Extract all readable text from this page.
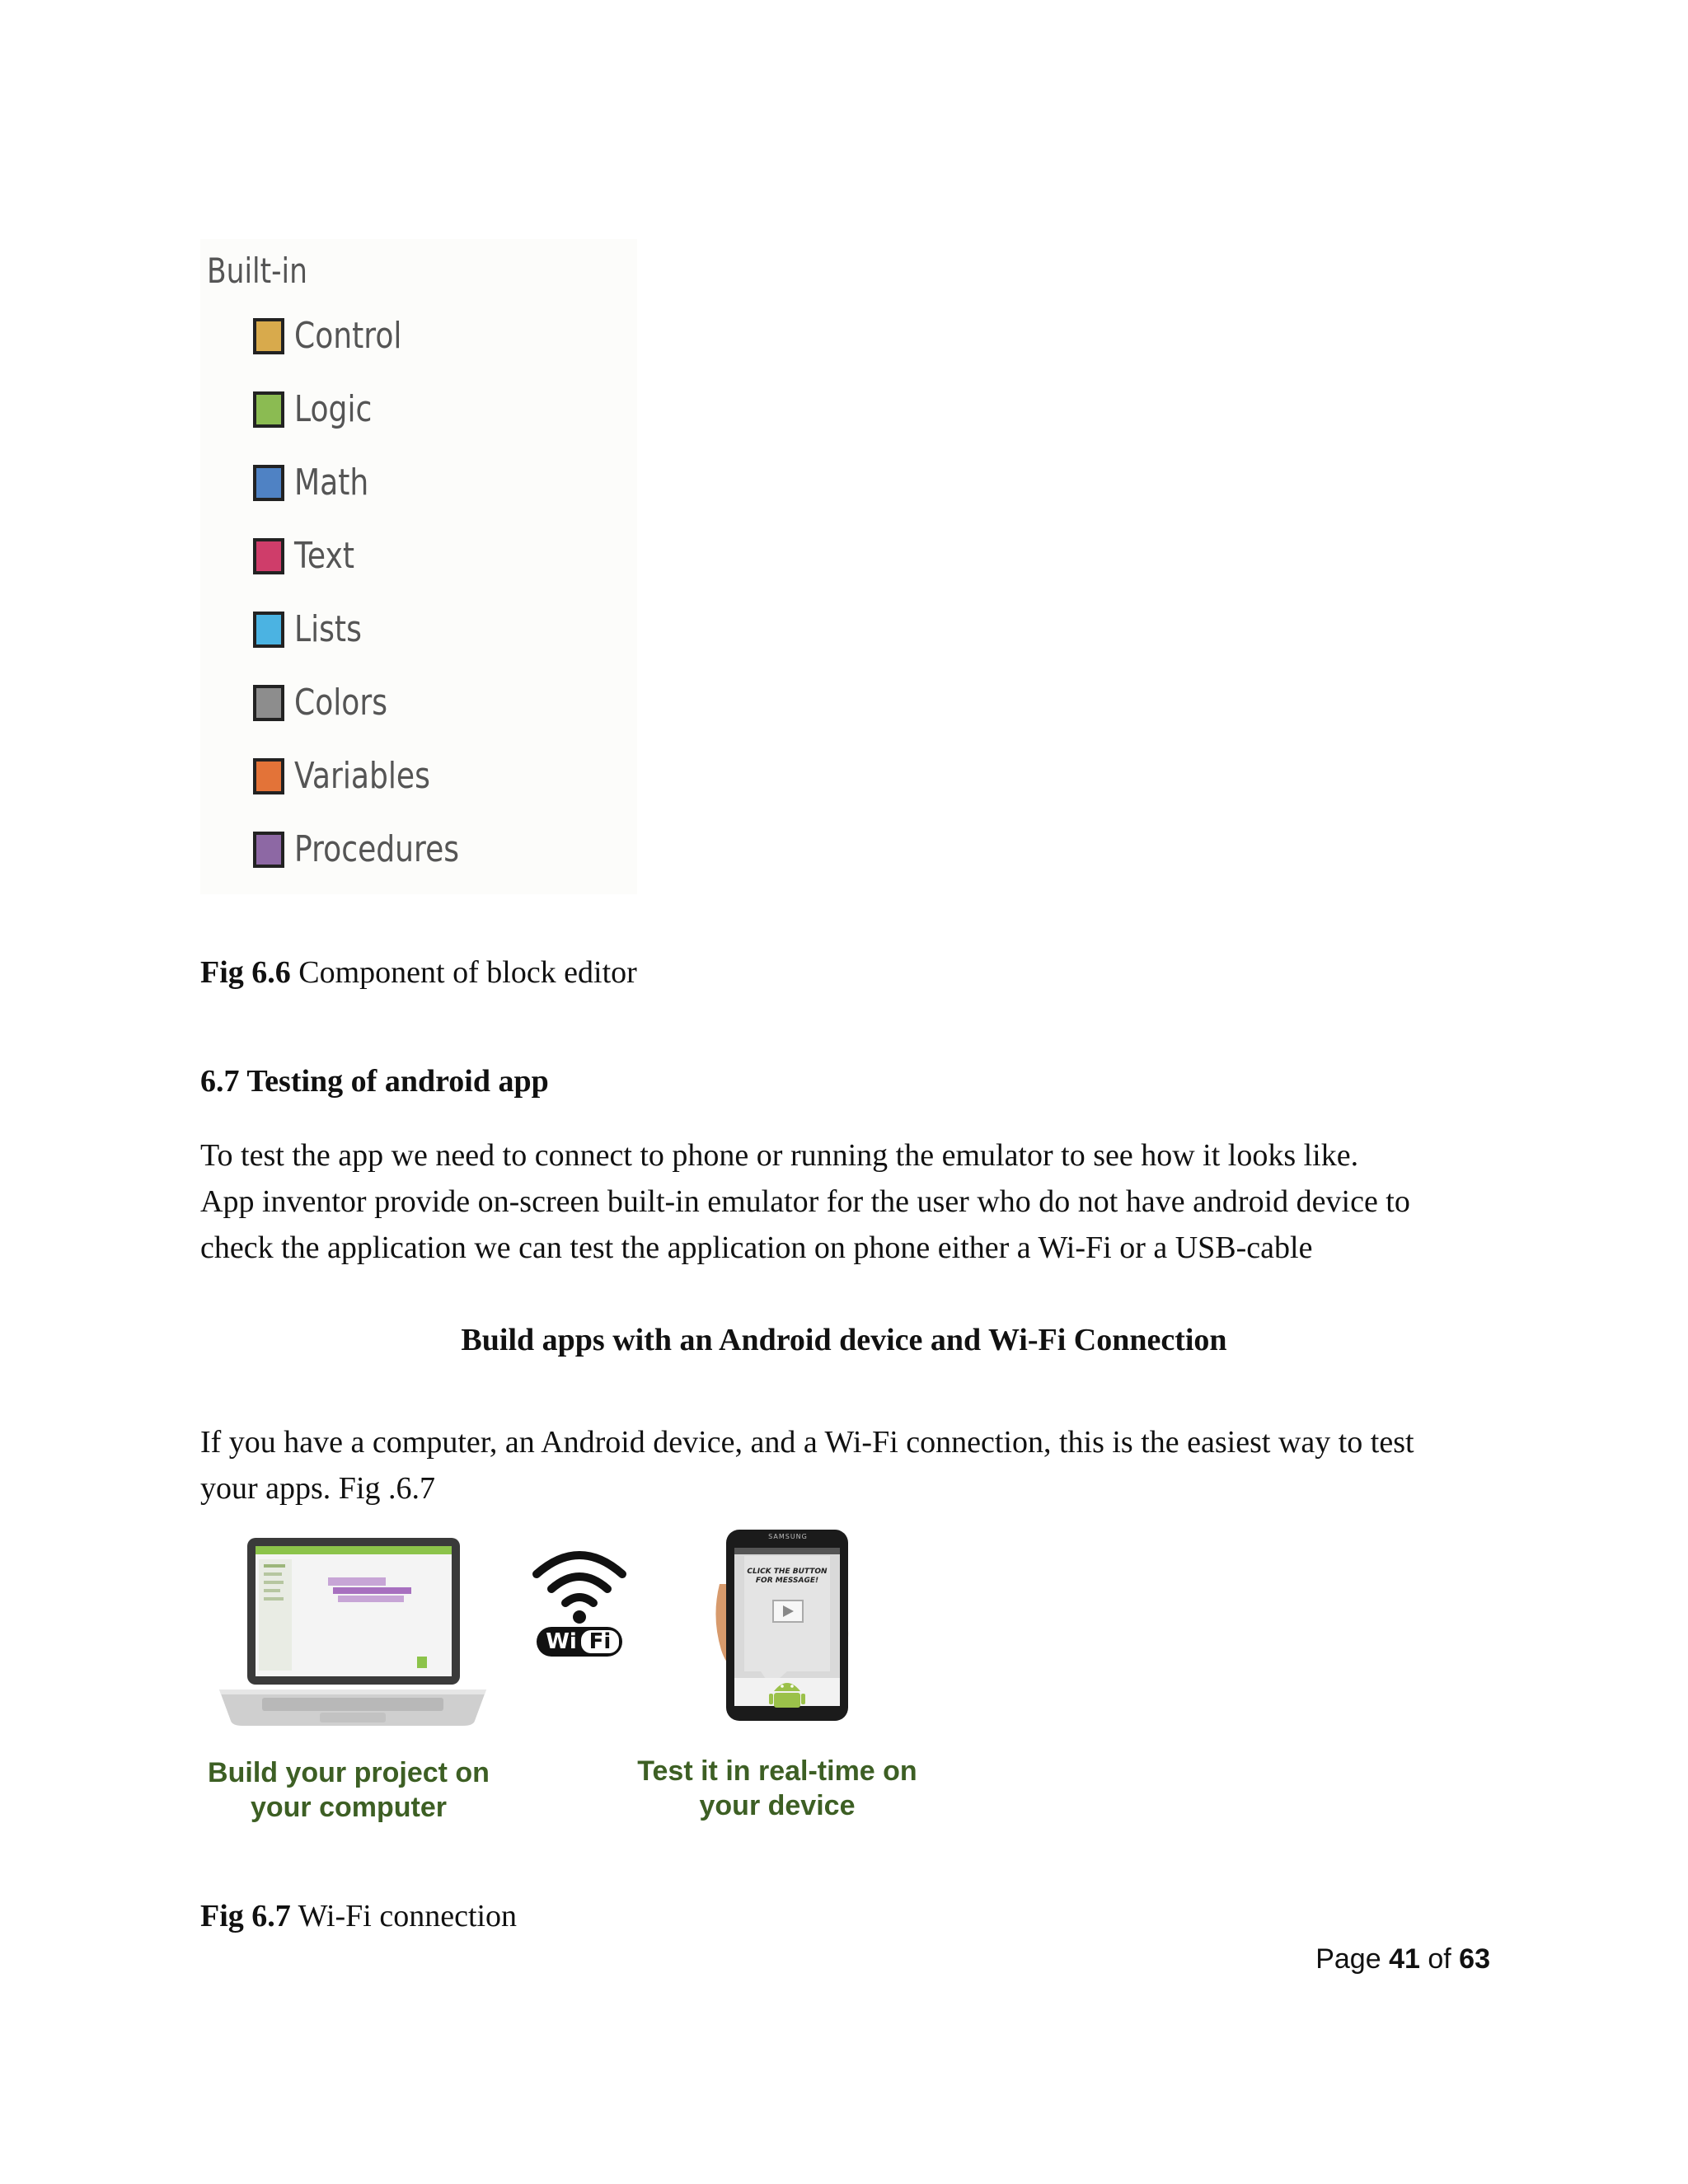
Built-in
Control
Logic
Math
Text
Lists
Colors
Variables
Procedures
Fig 6.6 Component of block editor
6.7 Testing of android app
To test the app we need to connect to phone or running the emulator to see how it looks like.
App inventor provide on-screen built-in emulator for the user who do not have android device to
check the application we can test the application on phone either a Wi-Fi or a USB-cable
Build apps with an Android device and Wi-Fi Connection
If you have a computer, an Android device, and a Wi-Fi connection, this is the easiest way to test
your apps. Fig .6.7
Wi Fi
SAMSUNG
CLICK THE BUTTON FOR MESSAGE!
Build your project on
your computer
Test it in real-time on
your device
Fig 6.7 Wi-Fi connection
Page 41 of 63
